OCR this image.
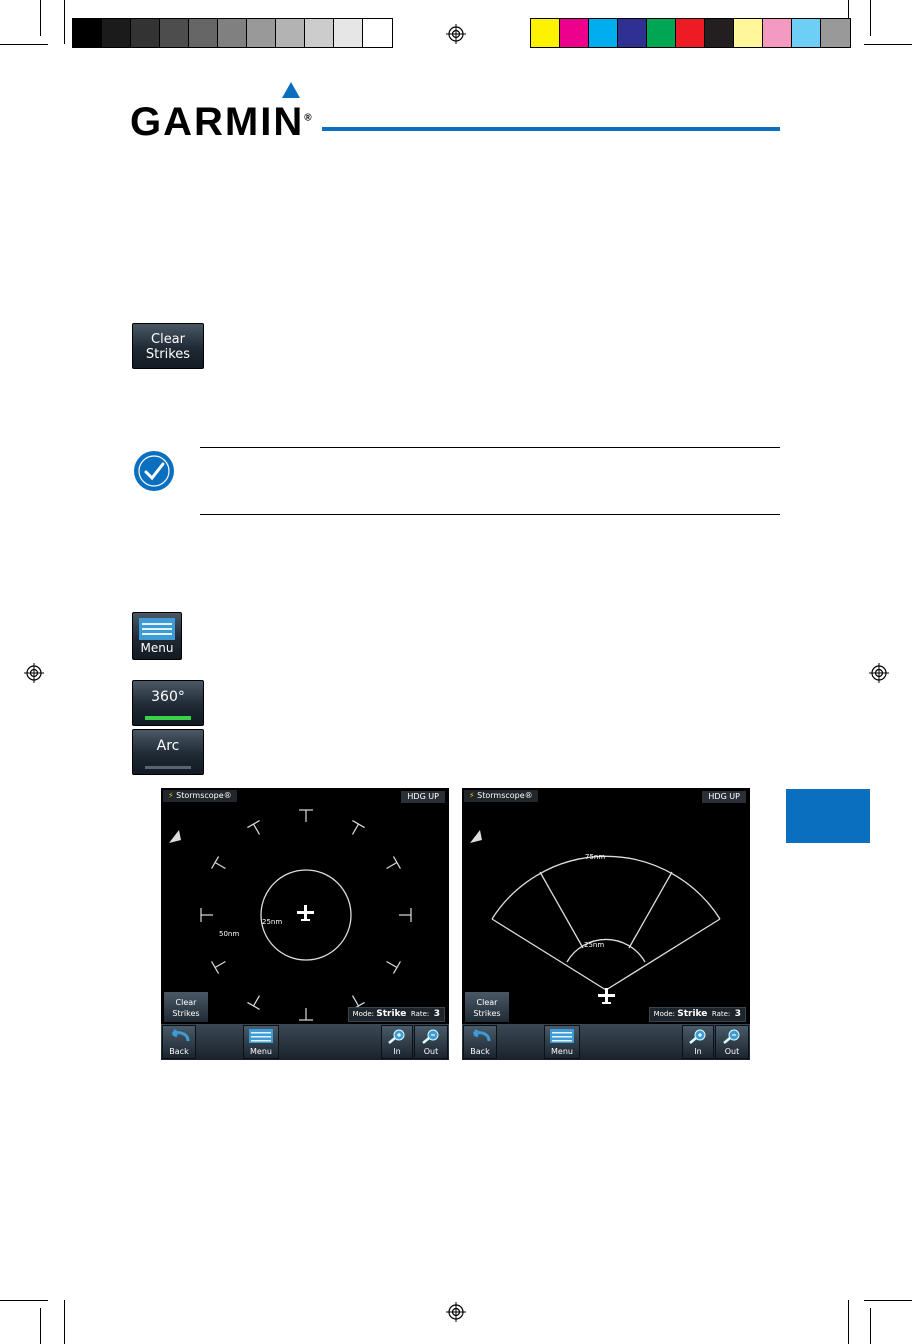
GARMIN®
Clear
Strikes
Menu
360°
Arc
25nm
50nm
⚡ Stormscope®	HDG UP
Clear
Strikes	Mode: Strike Rate: 3
Back	Menu	In	Out
75nm
25nm
⚡ Stormscope®	HDG UP
Clear
Strikes	Mode: Strike Rate: 3
Back	Menu	In	Out
